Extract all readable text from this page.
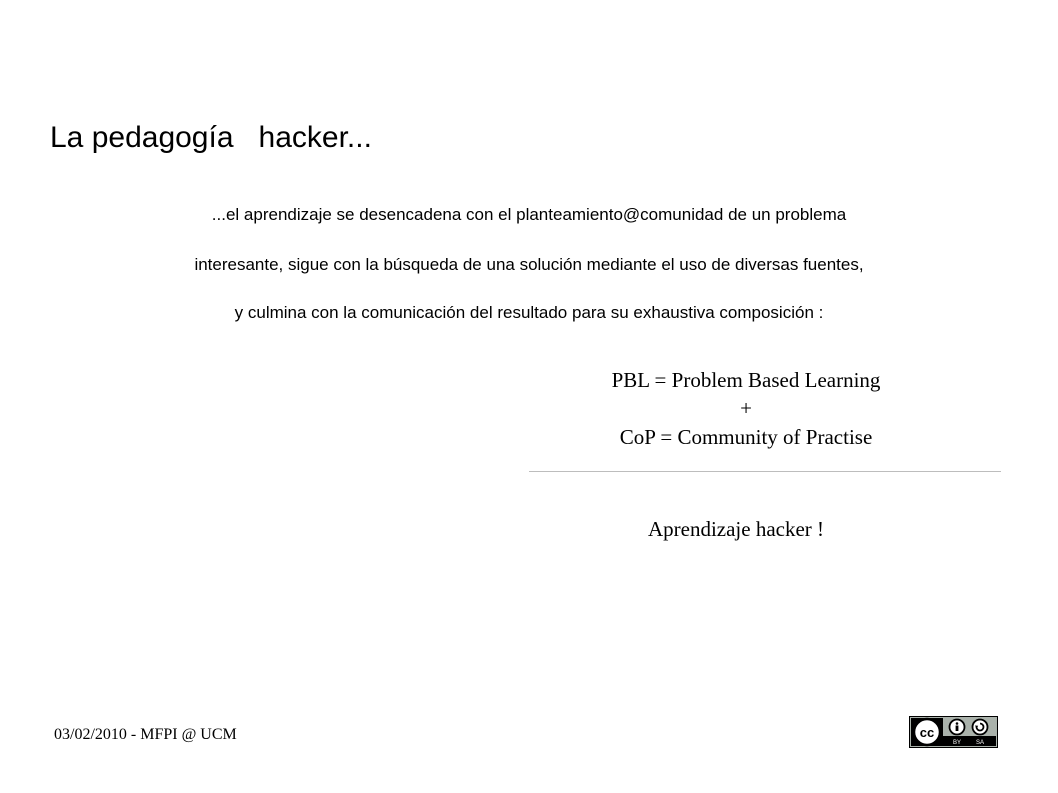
La pedagogía   hacker...
...el aprendizaje se desencadena con el planteamiento@comunidad de un problema
interesante, sigue con la búsqueda de una solución mediante el uso de diversas fuentes,
y culmina con la comunicación del resultado para su exhaustiva composición :
PBL = Problem Based Learning
+
CoP = Community of Practise
Aprendizaje hacker !
03/02/2010 - MFPI @ UCM	cc
BY SA
